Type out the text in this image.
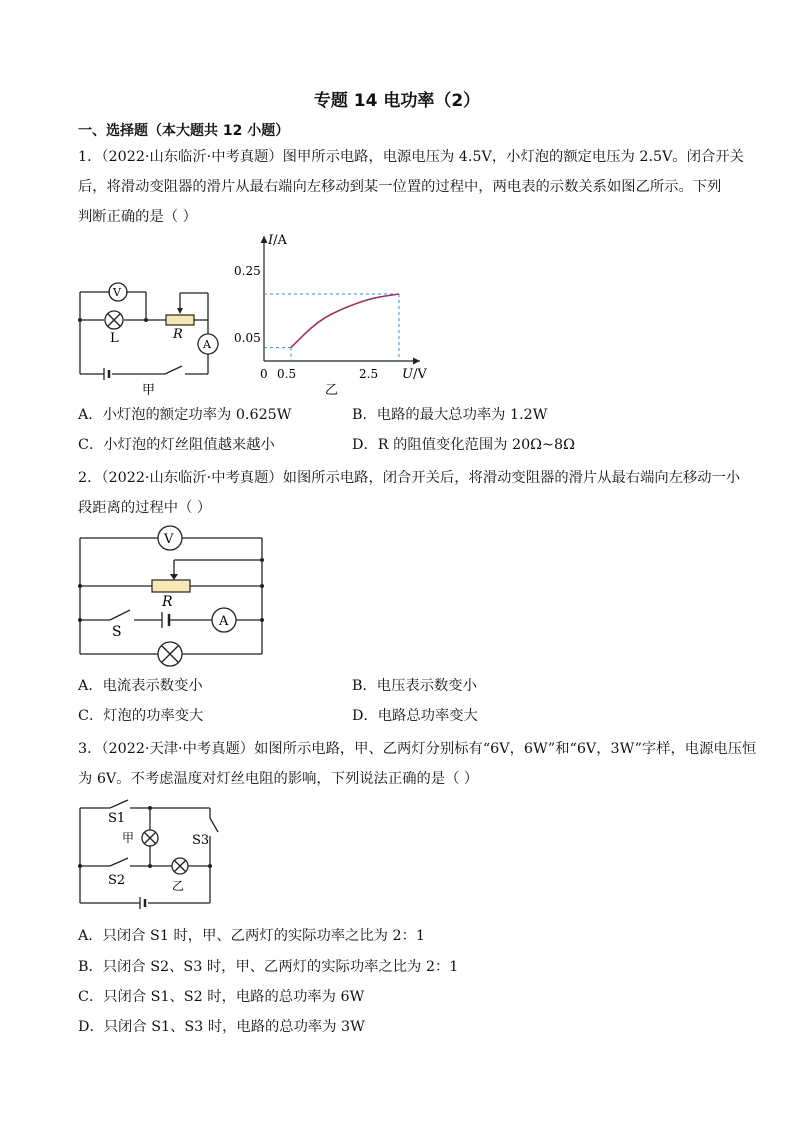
专题 14 电功率（2）
一、选择题（本大题共 12 小题）
1．（2022·山东临沂·中考真题）图甲所示电路，电源电压为 4.5V，小灯泡的额定电压为 2.5V。闭合开关
后，将滑动变阻器的滑片从最右端向左移动到某一位置的过程中，两电表的示数关系如图乙所示。下列
判断正确的是（ ）
V
L	R
A
甲
I/A
U/V
0.25
0.05
0 0.5	2.5
乙
A．小灯泡的额定功率为 0.625W	B．电路的最大总功率为 1.2W
C．小灯泡的灯丝阻值越来越小	D．R 的阻值变化范围为 20Ω~8Ω
2．（2022·山东临沂·中考真题）如图所示电路，闭合开关后，将滑动变阻器的滑片从最右端向左移动一小
段距离的过程中（ ）
V
R
S
A
A．电流表示数变小	B．电压表示数变小
C．灯泡的功率变大	D．电路总功率变大
3．（2022·天津·中考真题）如图所示电路，甲、乙两灯分别标有“6V，6W”和“6V，3W”字样，电源电压恒
为 6V。不考虑温度对灯丝电阻的影响，下列说法正确的是（ ）
S1
甲	S3
S2	乙
A．只闭合 S1 时，甲、乙两灯的实际功率之比为 2：1
B．只闭合 S2、S3 时，甲、乙两灯的实际功率之比为 2：1
C．只闭合 S1、S2 时，电路的总功率为 6W
D．只闭合 S1、S3 时，电路的总功率为 3W
